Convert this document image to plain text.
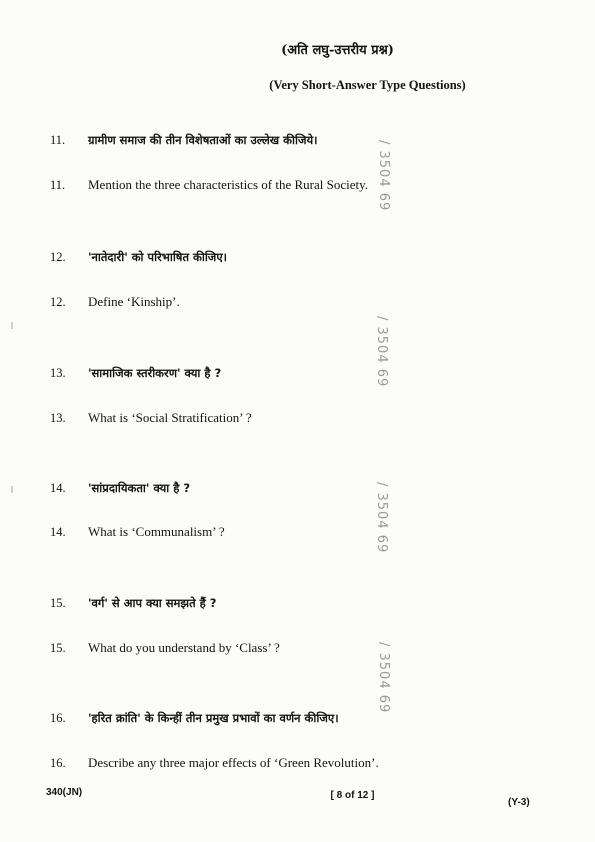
(अति लघु-उत्तरीय प्रश्न)
(Very Short-Answer Type Questions)
11.	ग्रामीण समाज की तीन विशेषताओं का उल्लेख कीजिये।
11.	Mention the three characteristics of the Rural Society.
12.	'नातेदारी' को परिभाषित कीजिए।
12.	Define ‘Kinship’.
13.	'सामाजिक स्तरीकरण' क्या है ?
13.	What is ‘Social Stratification’ ?
14.	'सांप्रदायिकता' क्या है ?
14.	What is ‘Communalism’ ?
15.	'वर्ग' से आप क्या समझते हैं ?
15.	What do you understand by ‘Class’ ?
16.	'हरित क्रांति' के किन्हीं तीन प्रमुख प्रभावों का वर्णन कीजिए।
16.	Describe any three major effects of ‘Green Revolution’.
/ 3504 69
/ 3504 69
/ 3504 69
/ 3504 69
340(JN)	[ 8 of 12 ]
(Y-3)
